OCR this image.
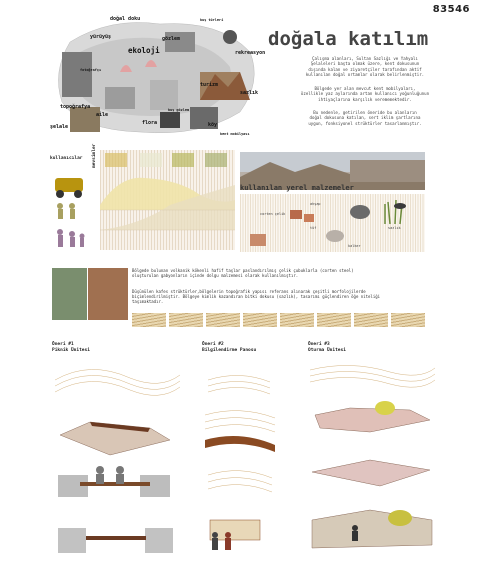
83546
doğala katılım
Çalışma alanları, Sultan Sazlığı ve Yahyalı
Şelaleleri başta olmak üzere, kent dokusunun
dışında kalan ve ziyaretçiler tarafından aktif
kullanılan doğal ortamlar olarak belirlenmiştir.
Bölgede yer alan mevcut kent mobilyaları,
özellikle yaz aylarında artan kullanıcı yoğunluğunun
ihtiyaçlarına karşılık verememektedir.
Bu nedenle, getirilen öneride bu alanların
doğal dokusuna katılan, sert iklim şartlarına
uygun, fonksiyonel strüktürler tasarlanmıştır.
doğal doku	kuş türleri
yürüyüş	gözlem
ekoloji	rekreasyon
fotoğrafçı
sazlık
topoğrafya
aile
flora
turizm
kuş gözlem
köy
şelale
kent mobilyası
kullanıcılar mevsimler
kullanılan yerel malzemeler
corten çelik
tüf	sazlık
kalker
ahşap
Bölgede bulunan volkanik kökenli hafif taşlar paslandırılmış çelik çubuklarla (corten steel)
oluşturulan gabyonların içinde dolgu malzemesi olarak kullanılmıştır.
Düşünülen kafes strüktürler,bölgelerin topoğrafik yapısı referans alınarak çeşitli morfolojilerde
biçimlendirilmiştir. Bölgeye kimlik kazandıran bitki dokusu (sazlık), tasarımı güçlendiren öğe niteliği
taşımaktadır.
Öneri #1
Piknik Ünitesi
Öneri #2
Bilgilendirme Panosu
Öneri #3
Oturma Ünitesi
